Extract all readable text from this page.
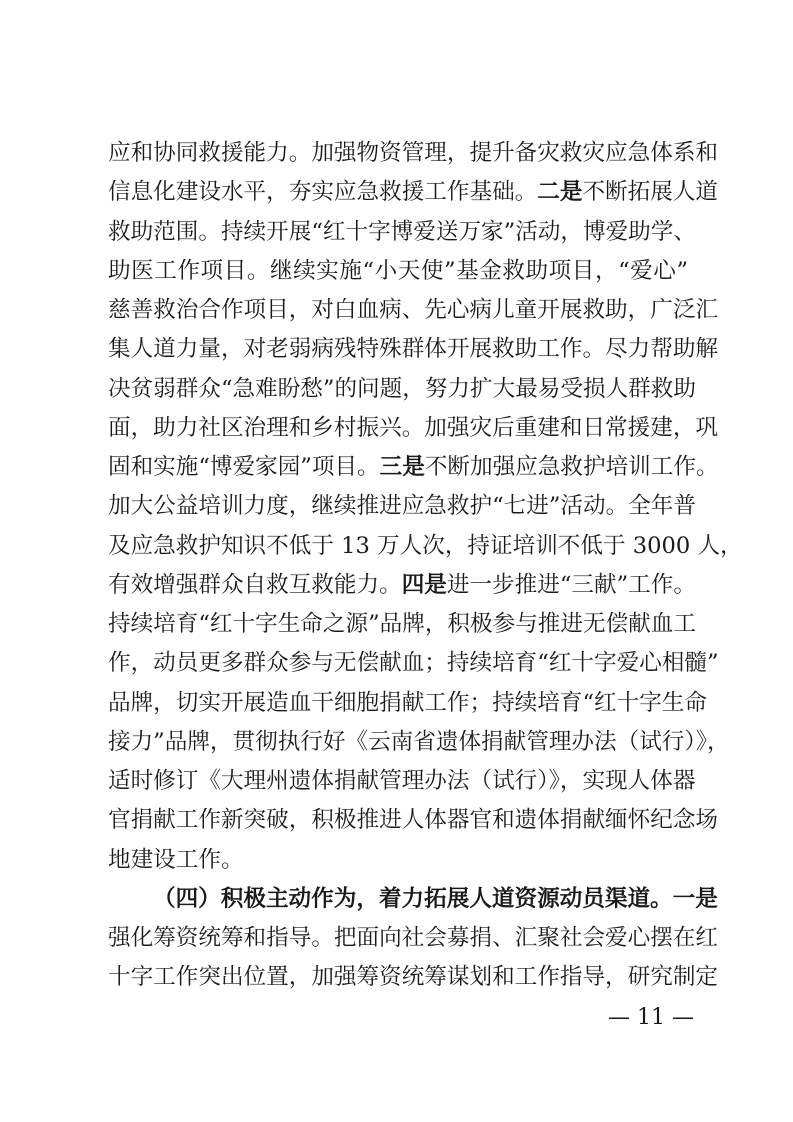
应和协同救援能力。加强物资管理，提升备灾救灾应急体系和
信息化建设水平，夯实应急救援工作基础。二是不断拓展人道
救助范围。持续开展“红十字博爱送万家”活动，博爱助学、
助医工作项目。继续实施“小天使”基金救助项目，“爱心”
慈善救治合作项目，对白血病、先心病儿童开展救助，广泛汇
集人道力量，对老弱病残特殊群体开展救助工作。尽力帮助解
决贫弱群众“急难盼愁”的问题，努力扩大最易受损人群救助
面，助力社区治理和乡村振兴。加强灾后重建和日常援建，巩
固和实施“博爱家园”项目。三是不断加强应急救护培训工作。
加大公益培训力度，继续推进应急救护“七进”活动。全年普
及应急救护知识不低于 13 万人次，持证培训不低于 3000 人，
有效增强群众自救互救能力。四是进一步推进“三献”工作。
持续培育“红十字生命之源”品牌，积极参与推进无偿献血工
作，动员更多群众参与无偿献血；持续培育“红十字爱心相髓”
品牌，切实开展造血干细胞捐献工作；持续培育“红十字生命
接力”品牌，贯彻执行好《云南省遗体捐献管理办法（试行）》，
适时修订《大理州遗体捐献管理办法（试行）》，实现人体器
官捐献工作新突破，积极推进人体器官和遗体捐献缅怀纪念场
地建设工作。
（四）积极主动作为，着力拓展人道资源动员渠道。一是
强化筹资统筹和指导。把面向社会募捐、汇聚社会爱心摆在红
十字工作突出位置，加强筹资统筹谋划和工作指导，研究制定
— 11 —
